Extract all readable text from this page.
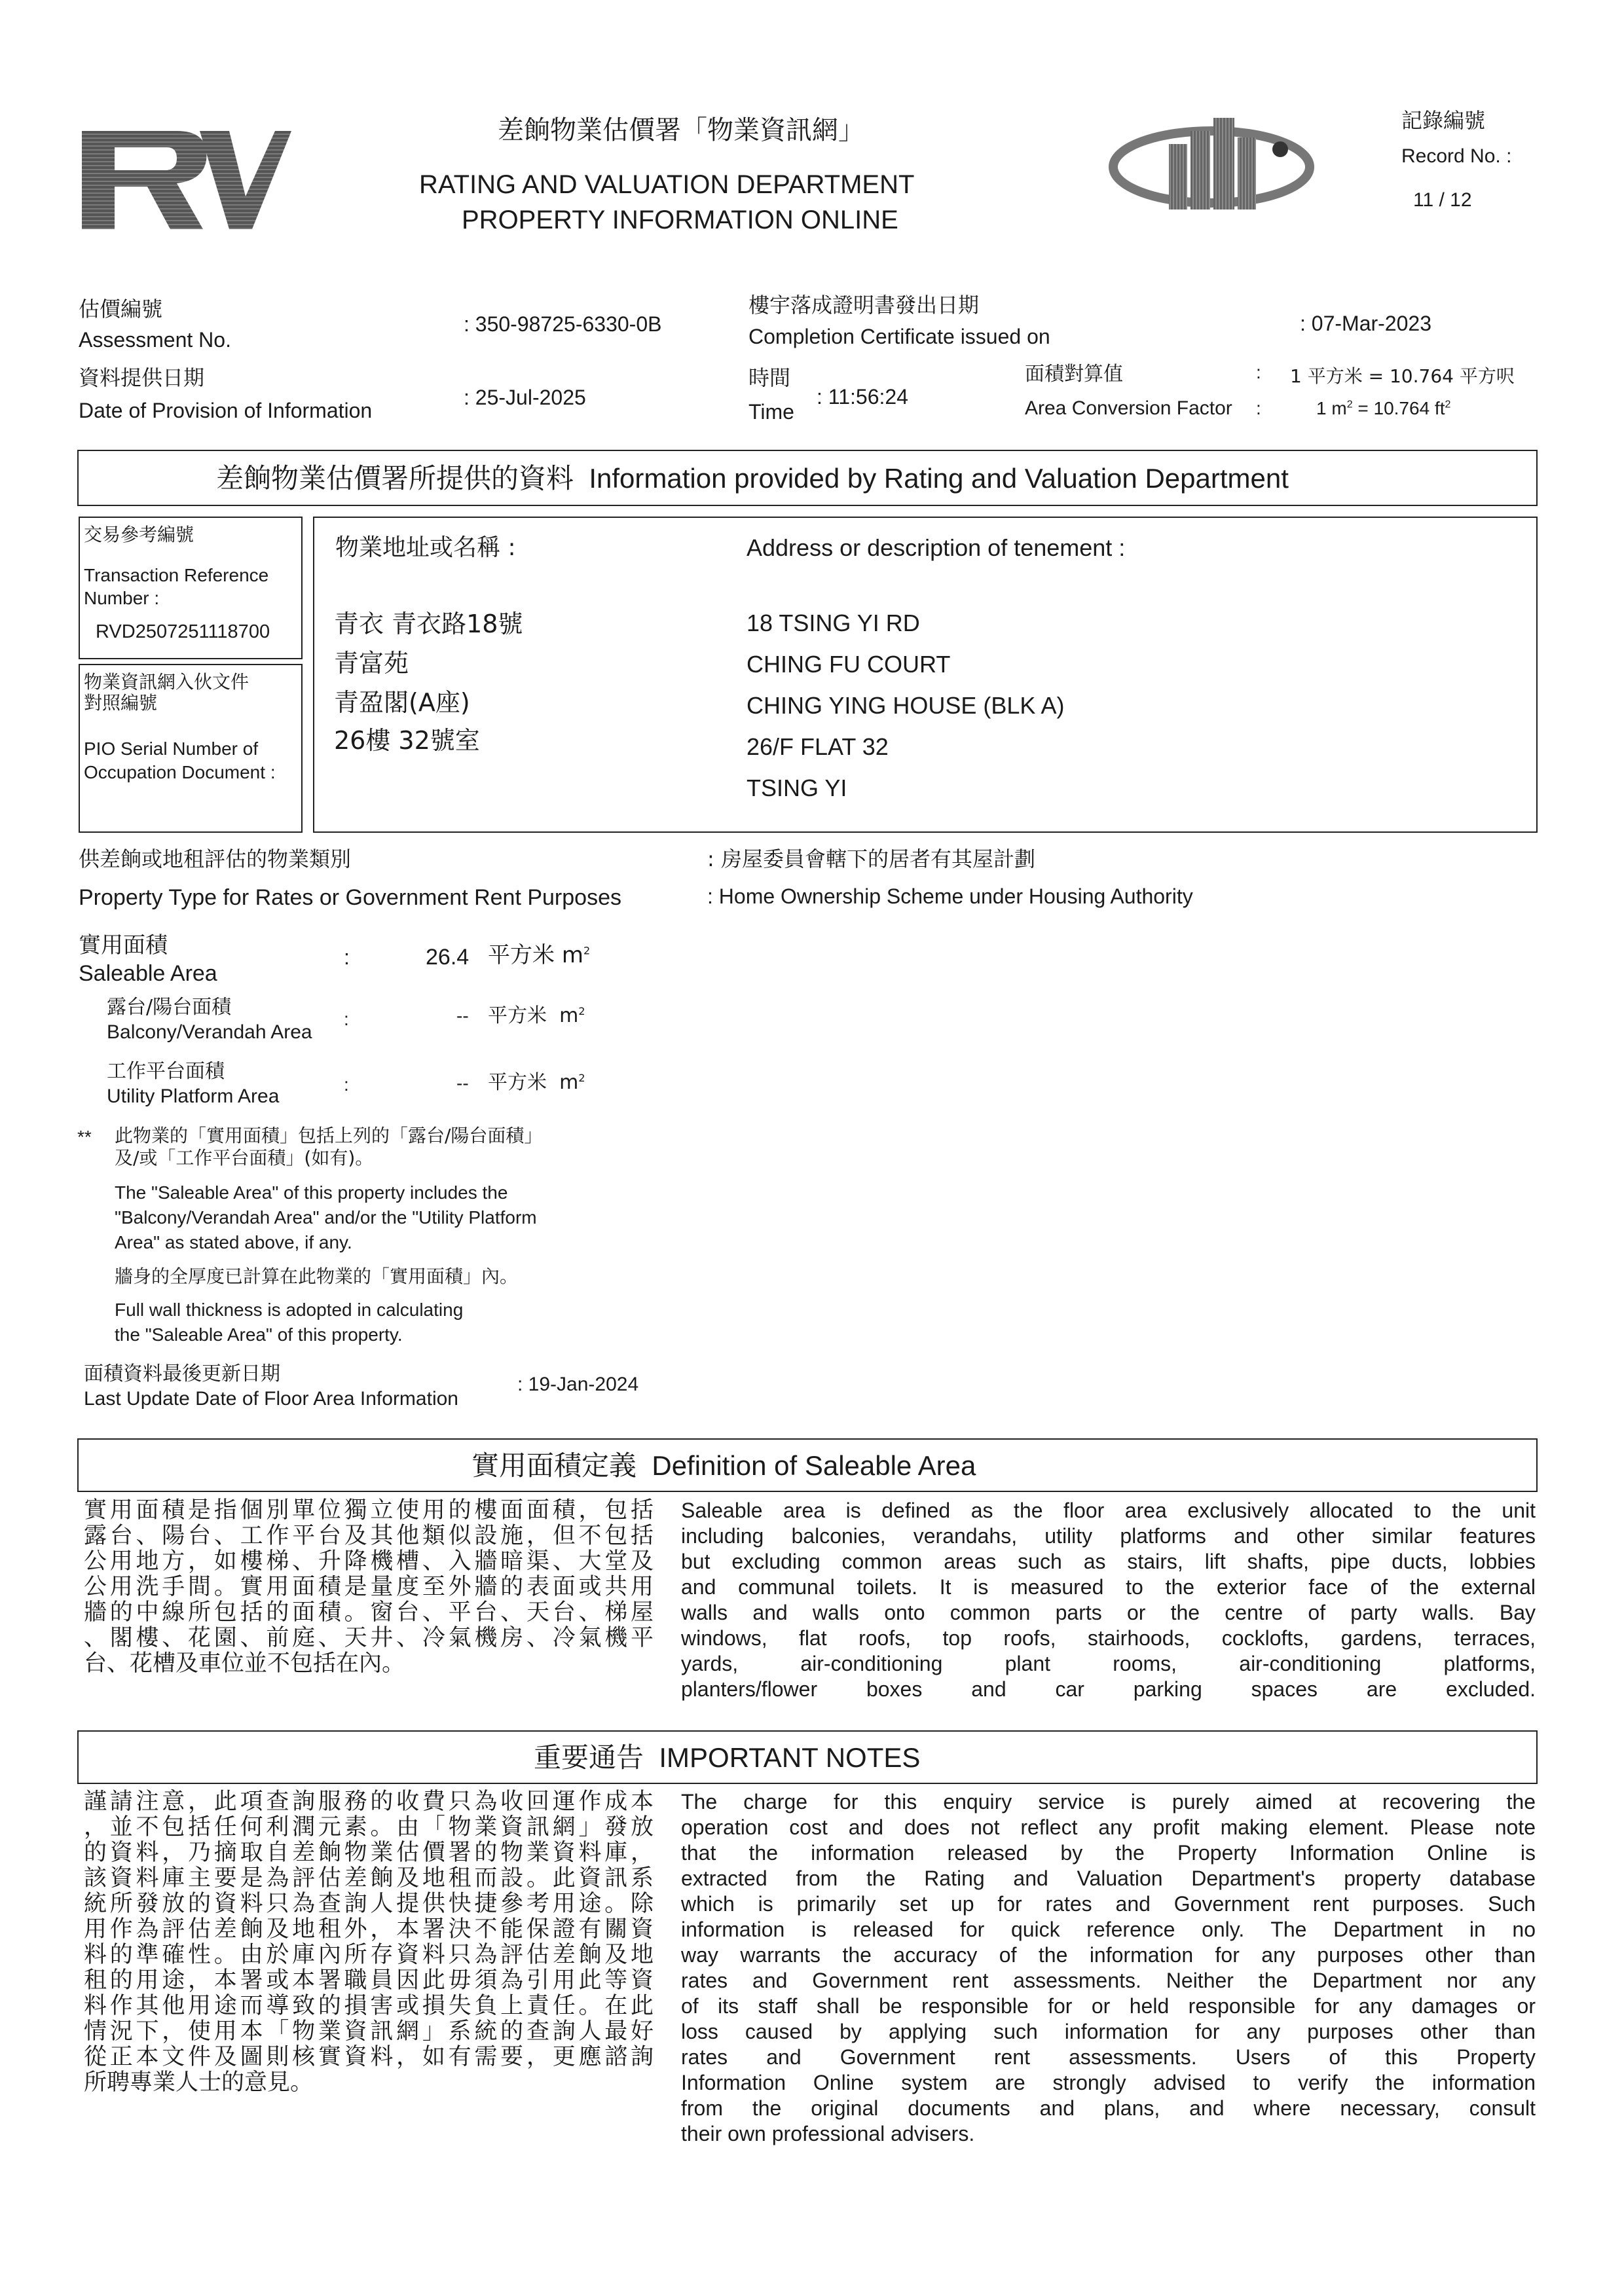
差餉物業估價署「物業資訊網」
RATING AND VALUATION DEPARTMENT
PROPERTY INFORMATION ONLINE
記錄編號
Record No. :
11 / 12
估價編號
Assessment No.
: 350-98725-6330-0B
資料提供日期
Date of Provision of Information
: 25-Jul-2025
樓宇落成證明書發出日期
Completion Certificate issued on
: 07-Mar-2023
時間
Time
: 11:56:24
面積對算值
Area Conversion Factor
:
:
1 平方米 = 10.764 平方呎
1 $m^2 = 10.764$ $ft^2$
差餉物業估價署所提供的資料 Information provided by Rating and Valuation Department
交易參考編號
Transaction Reference
Number :
RVD2507251118700
物業資訊網入伙文件
對照編號
PIO Serial Number of
Occupation Document :
物業地址或名稱 :	Address or description of tenement :
青衣 青衣路18號
青富苑
青盈閣(A座)
26樓 32號室
18 TSING YI RD
CHING FU COURT
CHING YING HOUSE (BLK A)
26/F FLAT 32
TSING YI
供差餉或地租評估的物業類別
Property Type for Rates or Government Rent Purposes
: 房屋委員會轄下的居者有其屋計劃
: Home Ownership Scheme under Housing Authority
實用面積
Saleable Area
:	26.4 平方米 $m^2$
露台/陽台面積
Balcony/Verandah Area
:	-- 平方米 $m^2$
工作平台面積
Utility Platform Area
:	-- 平方米 $m^2$
** 此物業的「實用面積」包括上列的「露台/陽台面積」
及/或「工作平台面積」(如有)。
The "Saleable Area" of this property includes the
"Balcony/Verandah Area" and/or the "Utility Platform
Area" as stated above, if any.
牆身的全厚度已計算在此物業的「實用面積」內。
Full wall thickness is adopted in calculating
the "Saleable Area" of this property.
面積資料最後更新日期
Last Update Date of Floor Area Information
: 19-Jan-2024
實用面積定義 Definition of Saleable Area
實用面積是指個別單位獨立使用的樓面面積，包括
露台、陽台、工作平台及其他類似設施，但不包括
公用地方，如樓梯、升降機槽、入牆暗渠、大堂及
公用洗手間。實用面積是量度至外牆的表面或共用
牆的中線所包括的面積。窗台、平台、天台、梯屋
、閣樓、花園、前庭、天井、冷氣機房、冷氣機平
台、花槽及車位並不包括在內。
Saleable area is defined as the floor area exclusively allocated to the unit
including balconies, verandahs, utility platforms and other similar features
but excluding common areas such as stairs, lift shafts, pipe ducts, lobbies
and communal toilets. It is measured to the exterior face of the external
walls and walls onto common parts or the centre of party walls. Bay
windows, flat roofs, top roofs, stairhoods, cocklofts, gardens, terraces,
yards, air-conditioning plant rooms, air-conditioning platforms,
planters/flower boxes and car parking spaces are excluded.
重要通告 IMPORTANT NOTES
謹請注意，此項查詢服務的收費只為收回運作成本
，並不包括任何利潤元素。由「物業資訊網」發放
的資料，乃摘取自差餉物業估價署的物業資料庫，
該資料庫主要是為評估差餉及地租而設。此資訊系
統所發放的資料只為查詢人提供快捷參考用途。除
用作為評估差餉及地租外，本署決不能保證有關資
料的準確性。由於庫內所存資料只為評估差餉及地
租的用途，本署或本署職員因此毋須為引用此等資
料作其他用途而導致的損害或損失負上責任。在此
情況下，使用本「物業資訊網」系統的查詢人最好
從正本文件及圖則核實資料，如有需要，更應諮詢
所聘專業人士的意見。
The charge for this enquiry service is purely aimed at recovering the
operation cost and does not reflect any profit making element. Please note
that the information released by the Property Information Online is
extracted from the Rating and Valuation Department's property database
which is primarily set up for rates and Government rent purposes. Such
information is released for quick reference only. The Department in no
way warrants the accuracy of the information for any purposes other than
rates and Government rent assessments. Neither the Department nor any
of its staff shall be responsible for or held responsible for any damages or
loss caused by applying such information for any purposes other than
rates and Government rent assessments. Users of this Property
Information Online system are strongly advised to verify the information
from the original documents and plans, and where necessary, consult
their own professional advisers.
